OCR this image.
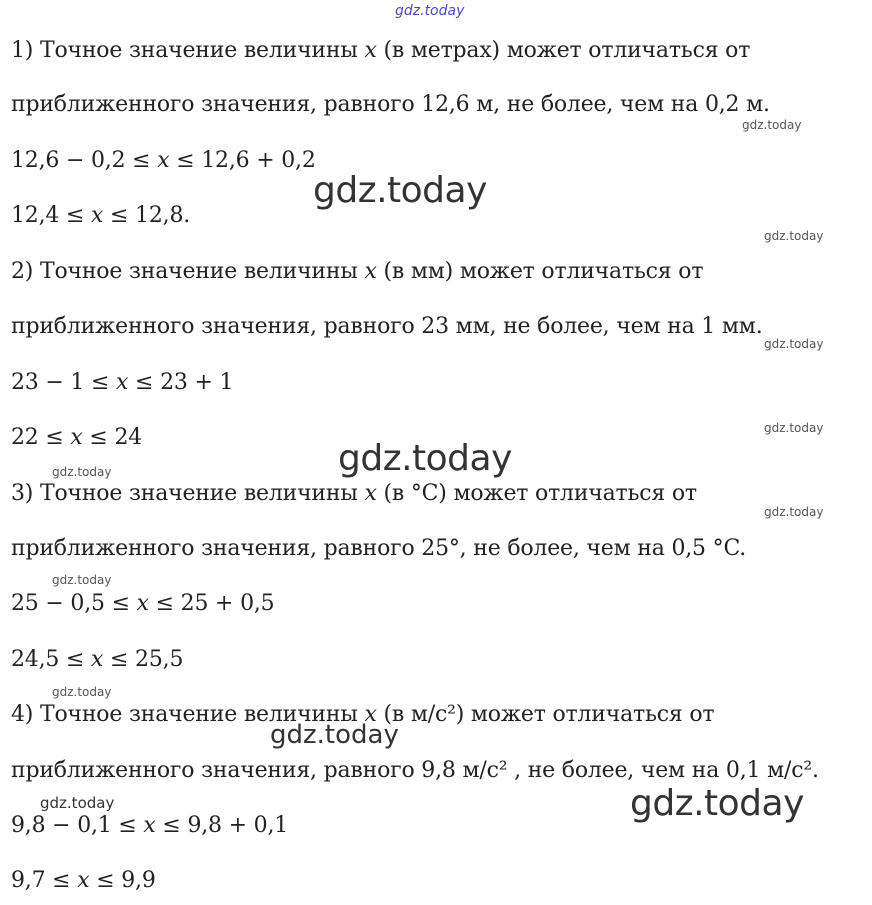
gdz.today
gdz.today
gdz.today
gdz.today
gdz.today
gdz.today
gdz.today
gdz.today
gdz.today
gdz.today
gdz.today
gdz.today
gdz.today
gdz.today
1) Точное значение величины x (в метрах) может отличаться от
приближенного значения, равного 12,6 м, не более, чем на 0,2 м.
12,6 − 0,2 ≤ x ≤ 12,6 + 0,2
12,4 ≤ x ≤ 12,8.
2) Точное значение величины x (в мм) может отличаться от
приближенного значения, равного 23 мм, не более, чем на 1 мм.
23 − 1 ≤ x ≤ 23 + 1
22 ≤ x ≤ 24
3) Точное значение величины x (в °C) может отличаться от
приближенного значения, равного 25°, не более, чем на 0,5 °C.
25 − 0,5 ≤ x ≤ 25 + 0,5
24,5 ≤ x ≤ 25,5
4) Точное значение величины x (в м/с²) может отличаться от
приближенного значения, равного 9,8 м/с² , не более, чем на 0,1 м/с².
9,8 − 0,1 ≤ x ≤ 9,8 + 0,1
9,7 ≤ x ≤ 9,9
